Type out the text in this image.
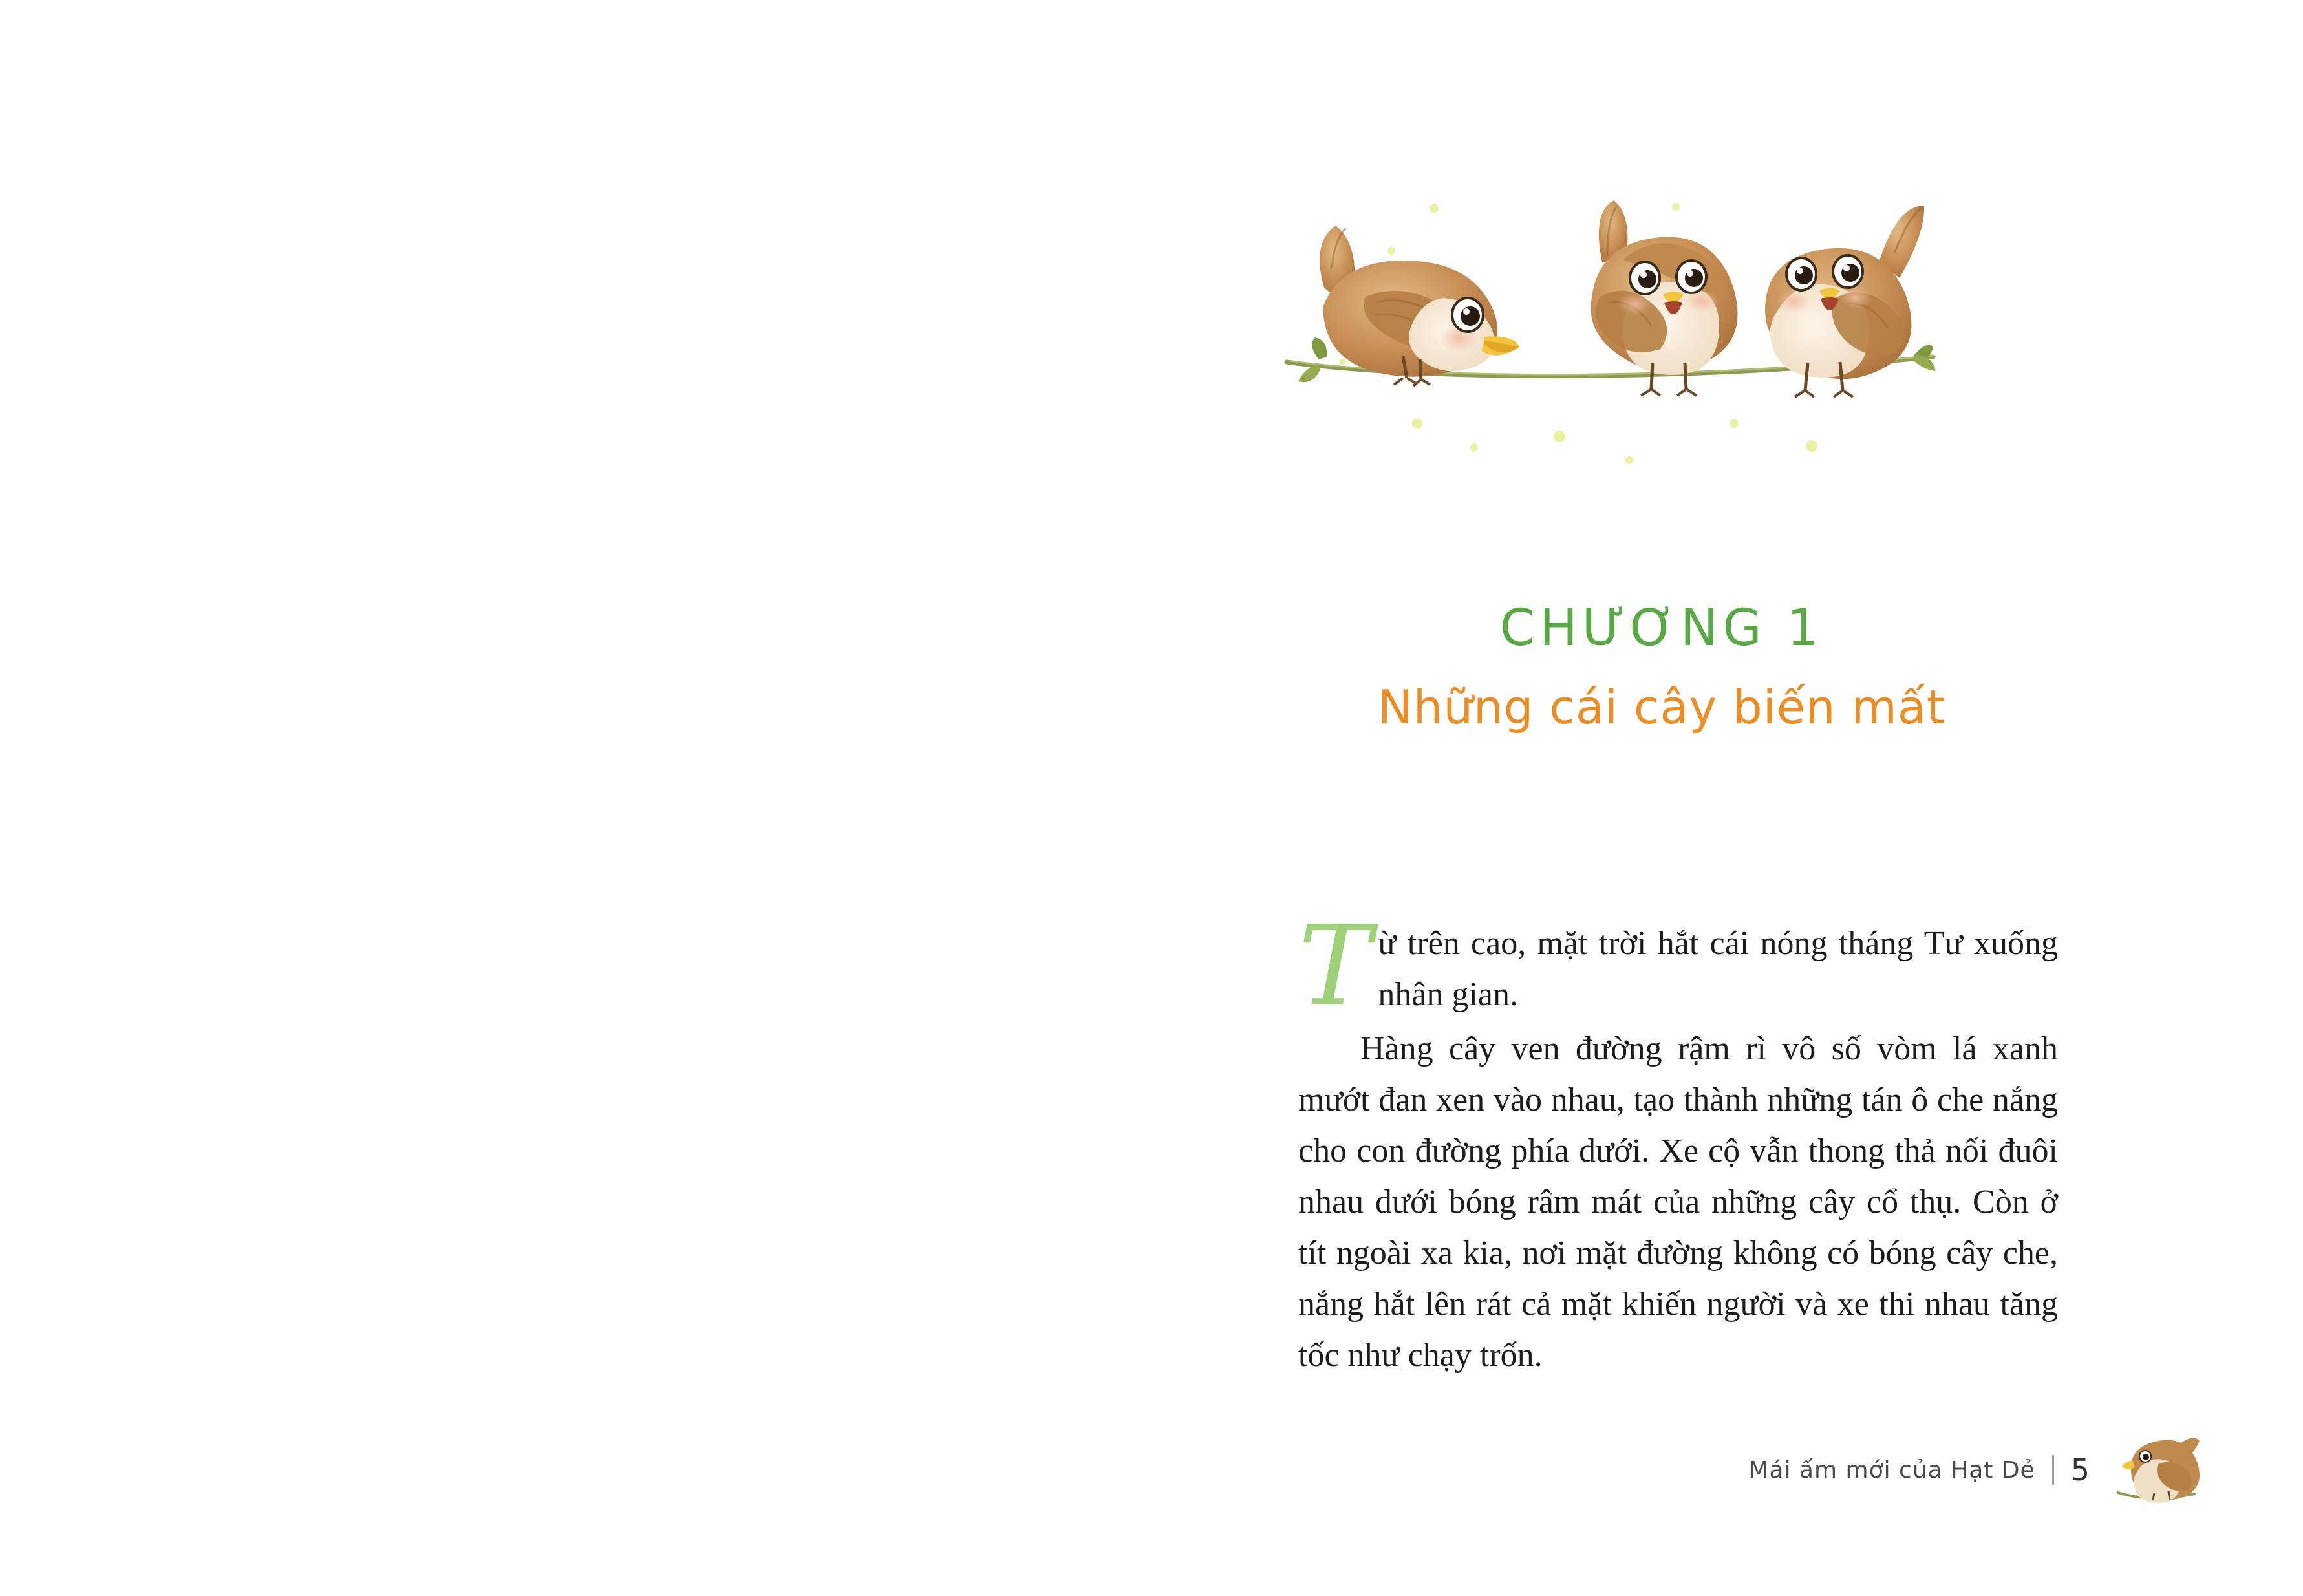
CHƯƠNG 1
Những cái cây biến mất

T ừ trên cao, mặt trời hắt cái nóng tháng Tư xuống nhân gian.

Hàng cây ven đường rậm rì vô số vòm lá xanh mướt đan xen vào nhau, tạo thành những tán ô che nắng cho con đường phía dưới. Xe cộ vẫn thong thả nối đuôi nhau dưới bóng râm mát của những cây cổ thụ. Còn ở tít ngoài xa kia, nơi mặt đường không có bóng cây che, nắng hắt lên rát cả mặt khiến người và xe thi nhau tăng tốc như chạy trốn.

Mái ấm mới của Hạt Dẻ 5
